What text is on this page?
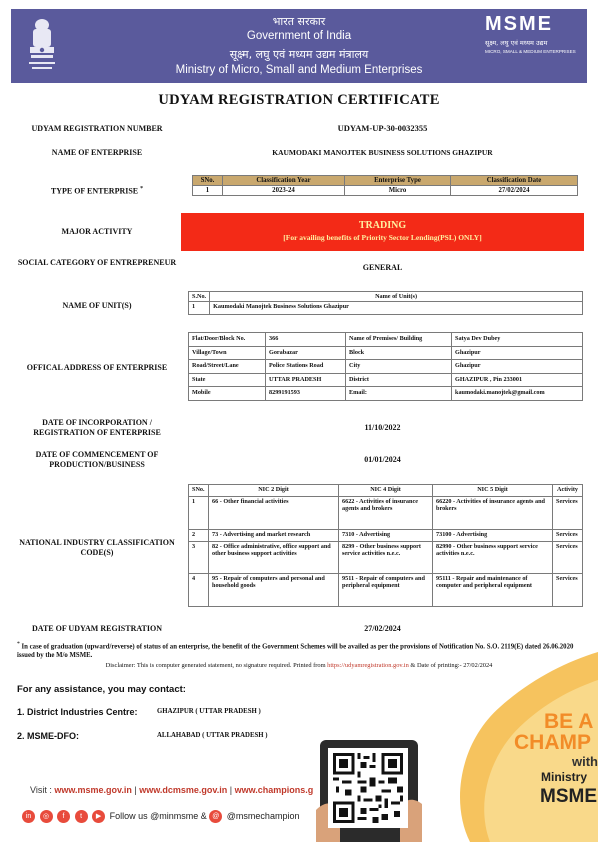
भारत सरकार
Government of India
सूक्ष्म, लघु एवं मध्यम उद्यम मंत्रालय
Ministry of Micro, Small and Medium Enterprises
MSME
सूक्ष्म, लघु एवं मध्यम उद्यम
MICRO, SMALL & MEDIUM ENTERPRISES
UDYAM REGISTRATION CERTIFICATE
UDYAM REGISTRATION NUMBER	UDYAM-UP-30-0032355
NAME OF ENTERPRISE	KAUMODAKI MANOJTEK BUSINESS SOLUTIONS GHAZIPUR
TYPE OF ENTERPRISE *
SNo.	Classification Year	Enterprise Type	Classification Date
1	2023-24	Micro	27/02/2024
MAJOR ACTIVITY
TRADING
[For availing benefits of Priority Sector Lending(PSL) ONLY]
SOCIAL CATEGORY OF ENTREPRENEUR
GENERAL
NAME OF UNIT(S)
S.No.	Name of Unit(s)
1	Kaumodaki Manojtek Business Solutions Ghazipur
OFFICAL ADDRESS OF ENTERPRISE
Flat/Door/Block No.	366	Name of Premises/ Building	Satya Dev Dubey
Village/Town	Gorabazar	Block	Ghazipur
Road/Street/Lane	Police Stations Road	City	Ghazipur
State	UTTAR PRADESH	District	GHAZIPUR , Pin 233001
Mobile	8299191593	Email:	kaumodaki.manojtek@gmail.com
DATE OF INCORPORATION / REGISTRATION OF ENTERPRISE	11/10/2022
DATE OF COMMENCEMENT OF PRODUCTION/BUSINESS	01/01/2024
NATIONAL INDUSTRY CLASSIFICATION CODE(S)
SNo.	NIC 2 Digit	NIC 4 Digit	NIC 5 Digit	Activity
1	66 - Other financial activities	6622 - Activities of insurance agents and brokers	66220 - Activities of insurance agents and brokers	Services
2	73 - Advertising and market research	7310 - Advertising	73100 - Advertising	Services
3	82 - Office administrative, office support and other business support activities	8299 - Other business support service activities n.e.c.	82990 - Other business support service activities n.e.c.	Services
4	95 - Repair of computers and personal and household goods	9511 - Repair of computers and peripheral equipment	95111 - Repair and maintenance of computer and peripheral equipment	Services
DATE OF UDYAM REGISTRATION	27/02/2024
* In case of graduation (upward/reverse) of status of an enterprise, the benefit of the Government Schemes will be availed as per the provisions of Notification No. S.O. 2119(E) dated 26.06.2020 issued by the M/o MSME.
Disclaimer: This is computer generated statement, no signature required. Printed from https://udyamregistration.gov.in & Date of printing:- 27/02/2024
For any assistance, you may contact:
1. District Industries Centre:	GHAZIPUR ( UTTAR PRADESH )
2. MSME-DFO:	ALLAHABAD ( UTTAR PRADESH )
BE A
CHAMP
with
Ministry
MSME
Visit : www.msme.gov.in | www.dcmsme.gov.in | www.champions.g
in ◎ f t ▶ Follow us @minmsme & @ @msmechampion
